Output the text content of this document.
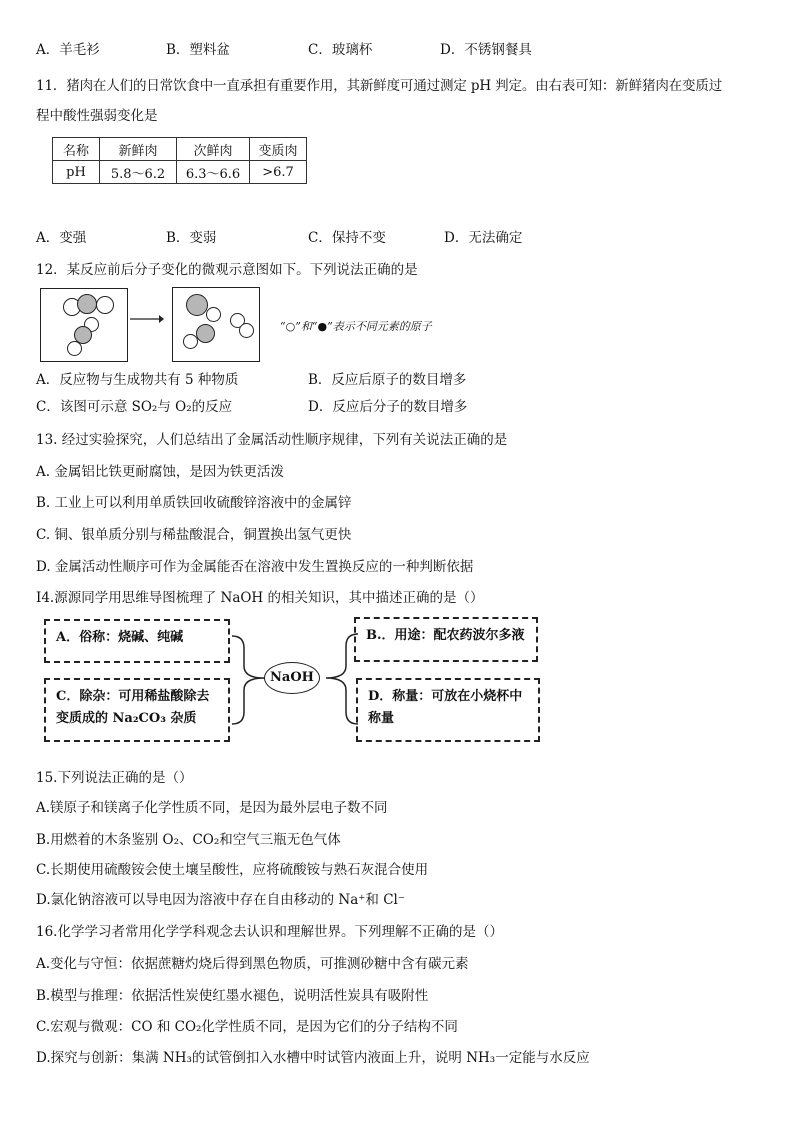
A．羊毛衫	B．塑料盆	C．玻璃杯	D．不锈钢餐具
11．猪肉在人们的日常饮食中一直承担有重要作用，其新鲜度可通过测定 pH 判定。由右表可知：新鲜猪肉在变质过
程中酸性强弱变化是
名称	新鲜肉	次鲜肉	变质肉
pH	5.8～6.2	6.3～6.6	>6.7
A．变强	B．变弱	C．保持不变	D．无法确定
12．某反应前后分子变化的微观示意图如下。下列说法正确的是
“○”和“●”表示不同元素的原子
A．反应物与生成物共有 5 种物质	B．反应后原子的数目增多
C．该图可示意 SO₂与 O₂的反应	D．反应后分子的数目增多
13. 经过实验探究，人们总结出了金属活动性顺序规律，下列有关说法正确的是
A. 金属铝比铁更耐腐蚀，是因为铁更活泼
B. 工业上可以利用单质铁回收硫酸锌溶液中的金属锌
C. 铜、银单质分别与稀盐酸混合，铜置换出氢气更快
D. 金属活动性顺序可作为金属能否在溶液中发生置换反应的一种判断依据
I4.源源同学用思维导图梳理了 NaOH 的相关知识，其中描述正确的是（）
A．俗称：烧碱、纯碱
C．除杂：可用稀盐酸除去变质成的 Na₂CO₃ 杂质
B.．用途：配农药波尔多液
D．称量：可放在小烧杯中称量
NaOH
15.下列说法正确的是（）
A.镁原子和镁离子化学性质不同，是因为最外层电子数不同
B.用燃着的木条鉴别 O₂、CO₂和空气三瓶无色气体
C.长期使用硫酸铵会使土壤呈酸性，应将硫酸铵与熟石灰混合使用
D.氯化钠溶液可以导电因为溶液中存在自由移动的 Na⁺和 Cl⁻
16.化学学习者常用化学学科观念去认识和理解世界。下列理解不正确的是（）
A.变化与守恒：依据蔗糖灼烧后得到黑色物质，可推测砂糖中含有碳元素
B.模型与推理：依据活性炭使红墨水褪色，说明活性炭具有吸附性
C.宏观与微观：CO 和 CO₂化学性质不同，是因为它们的分子结构不同
D.探究与创新：集满 NH₃的试管倒扣入水槽中时试管内液面上升，说明 NH₃一定能与水反应
